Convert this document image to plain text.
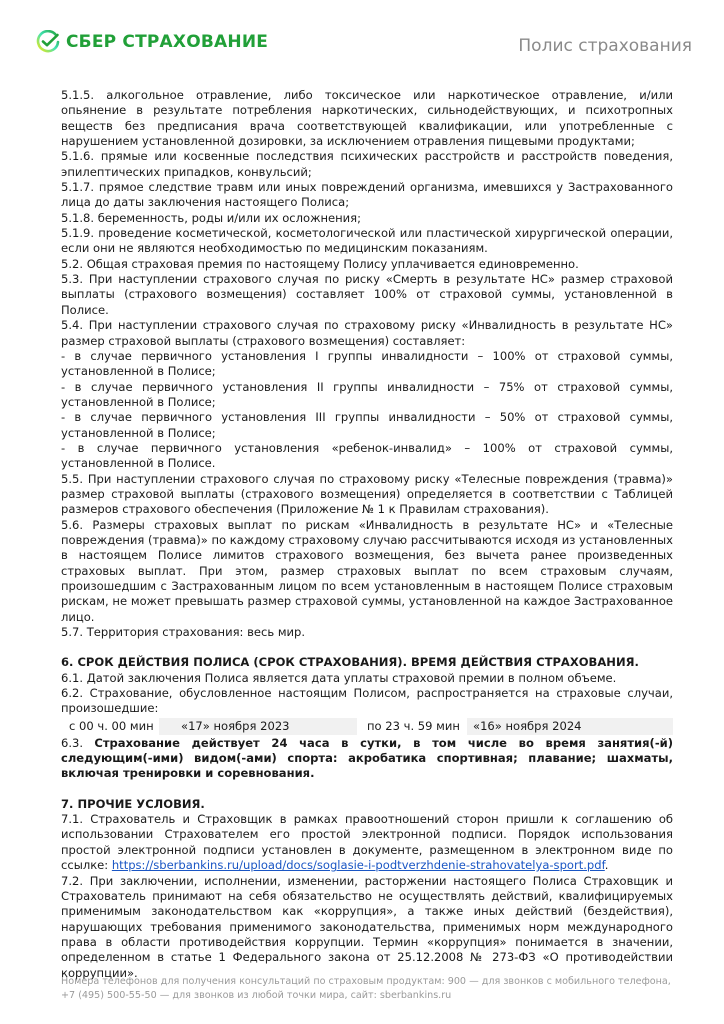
СБЕР СТРАХОВАНИЕ	Полис страхования

5.1.5. алкогольное отравление, либо токсическое или наркотическое отравление, и/или опьянение в результате потребления наркотических, сильнодействующих, и психотропных веществ без предписания врача соответствующей квалификации, или употребленные с нарушением установленной дозировки, за исключением отравления пищевыми продуктами;

5.1.6. прямые или косвенные последствия психических расстройств и расстройств поведения, эпилептических припадков, конвульсий;

5.1.7. прямое следствие травм или иных повреждений организма, имевшихся у Застрахованного лица до даты заключения настоящего Полиса;

5.1.8. беременность, роды и/или их осложнения;

5.1.9. проведение косметической, косметологической или пластической хирургической операции, если они не являются необходимостью по медицинским показаниям.

5.2. Общая страховая премия по настоящему Полису уплачивается единовременно.

5.3. При наступлении страхового случая по риску «Смерть в результате НС» размер страховой выплаты (страхового возмещения) составляет 100% от страховой суммы, установленной в Полисе.

5.4. При наступлении страхового случая по страховому риску «Инвалидность в результате НС» размер страховой выплаты (страхового возмещения) составляет:

- в случае первичного установления I группы инвалидности – 100% от страховой суммы, установленной в Полисе;

- в случае первичного установления II группы инвалидности – 75% от страховой суммы, установленной в Полисе;

- в случае первичного установления III группы инвалидности – 50% от страховой суммы, установленной в Полисе;

- в случае первичного установления «ребенок-инвалид» – 100% от страховой суммы, установленной в Полисе.

5.5. При наступлении страхового случая по страховому риску «Телесные повреждения (травма)» размер страховой выплаты (страхового возмещения) определяется в соответствии с Таблицей размеров страхового обеспечения (Приложение № 1 к Правилам страхования).

5.6. Размеры страховых выплат по рискам «Инвалидность в результате НС» и «Телесные повреждения (травма)» по каждому страховому случаю рассчитываются исходя из установленных в настоящем Полисе лимитов страхового возмещения, без вычета ранее произведенных страховых выплат. При этом, размер страховых выплат по всем страховым случаям, произошедшим с Застрахованным лицом по всем установленным в настоящем Полисе страховым рискам, не может превышать размер страховой суммы, установленной на каждое Застрахованное лицо.

5.7. Территория страхования: весь мир.

6. СРОК ДЕЙСТВИЯ ПОЛИСА (СРОК СТРАХОВАНИЯ). ВРЕМЯ ДЕЙСТВИЯ СТРАХОВАНИЯ.

6.1. Датой заключения Полиса является дата уплаты страховой премии в полном объеме.

6.2. Страхование, обусловленное настоящим Полисом, распространяется на страховые случаи, произошедшие:

с 00 ч. 00 мин	«17» ноября 2023	по 23 ч. 59 мин	«16» ноября 2024

6.3. Страхование действует 24 часа в сутки, в том числе во время занятия(-й) следующим(-ими) видом(-ами) спорта: акробатика спортивная; плавание; шахматы, включая тренировки и соревнования.

7. ПРОЧИЕ УСЛОВИЯ.

7.1. Страхователь и Страховщик в рамках правоотношений сторон пришли к соглашению об использовании Страхователем его простой электронной подписи. Порядок использования простой электронной подписи установлен в документе, размещенном в электронном виде по ссылке: https://sberbankins.ru/upload/docs/soglasie-i-podtverzhdenie-strahovatelya-sport.pdf.

7.2. При заключении, исполнении, изменении, расторжении настоящего Полиса Страховщик и Страхователь принимают на себя обязательство не осуществлять действий, квалифицируемых применимым законодательством как «коррупция», а также иных действий (бездействия), нарушающих требования применимого законодательства, применимых норм международного права в области противодействия коррупции. Термин «коррупция» понимается в значении, определенном в статье 1 Федерального закона от 25.12.2008 № 273-ФЗ «О противодействии коррупции».

Номера телефонов для получения консультаций по страховым продуктам: 900 — для звонков с мобильного телефона,
+7 (495) 500-55-50 — для звонков из любой точки мира, сайт: sberbankins.ru
